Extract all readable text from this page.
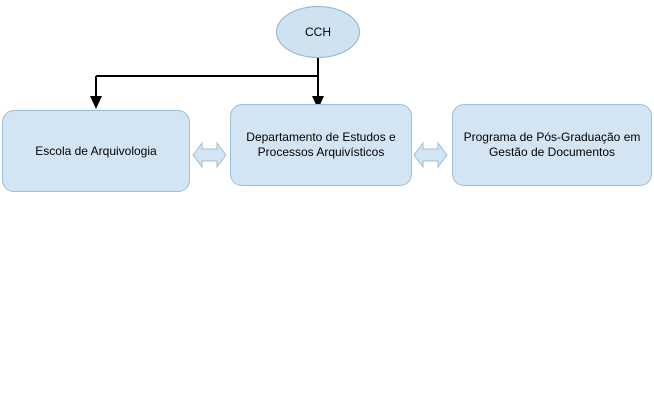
CCH
Escola de Arquivologia
Departamento de Estudos e Processos Arquivísticos
Programa de Pós-Graduação em Gestão de Documentos
